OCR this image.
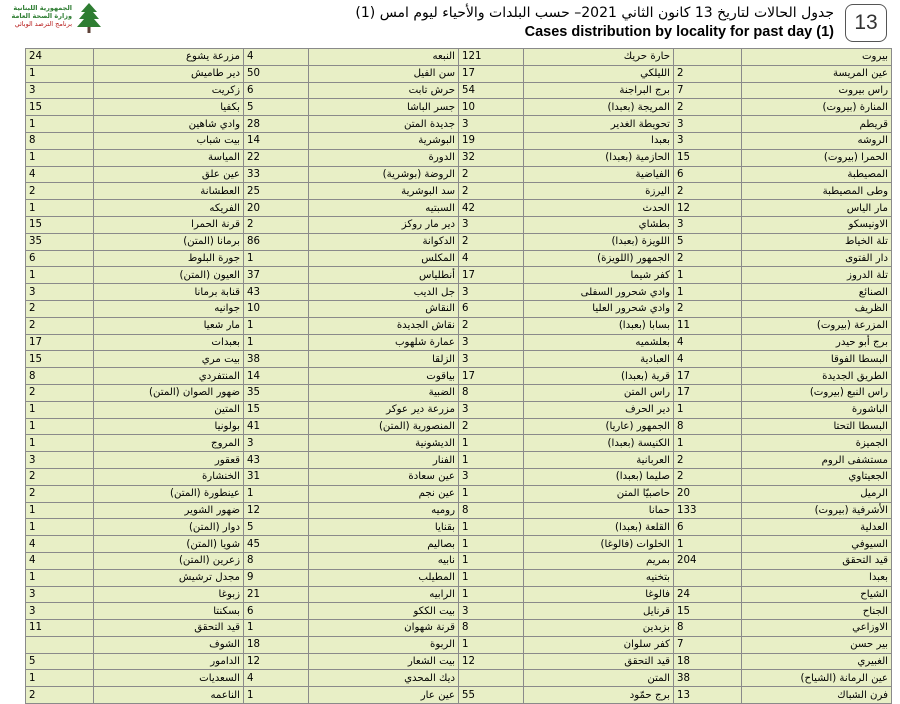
الجمهورية اللبنانية
وزارة الصحة العامة
برنامج الترصد الوبائي
جدول الحالات لتاريخ 13 كانون الثاني 2021– حسب البلدات والأحياء ليوم امس (1)
Cases distribution by locality for past day (1) 13
24	مزرعة يشوع	4	النبعه	121	حارة حريك		بيروت
1	دير طاميش	50	سن الفيل	17	الليلكي	2	عين المريسة
3	زكريت	6	حرش تابت	54	برج البراجنة	7	راس بيروت
15	بكفيا	5	جسر الباشا	10	المريجة (بعبدا)	2	المنارة (بيروت)
1	وادي شاهين	28	جديدة المتن	3	تحويطة الغدير	3	قريطم
8	بيت شباب	14	البوشرية	19	بعبدا	3	الروشه
1	المياسة	22	الدورة	32	الحازمية (بعبدا)	15	الحمرا (بيروت)
4	عين علق	33	الروضة (بوشرية)	2	الفياضية	6	المصيطبة
2	العطشانة	25	سد البوشرية	2	اليرزة	2	وطى المصيطبة
1	الفريكه	20	السبتيه	42	الحدث	12	مار الياس
15	قرنة الحمرا	2	دير مار روكز	3	بطشاي	3	الاونيسكو
35	برمانا (المتن)	86	الدكوانة	2	اللويزة (بعبدا)	5	تلة الخياط
6	جورة البلوط	1	المكلس	4	الجمهور (اللويزة)	2	دار الفتوى
1	العيون (المتن)	37	أنطلياس	17	كفر شيما	1	تلة الدروز
3	قنابة برمانا	43	جل الديب	3	وادي شحرور السفلى	1	الصنائع
2	جوانيه	10	النقاش	6	وادي شحرور العليا	2	الظريف
2	مار شعيا	1	نقاش الجديدة	2	بسابا (بعبدا)	11	المزرعة (بيروت)
17	بعبدات	1	عمارة شلهوب	3	بعلشميه	4	برج أبو حيدر
15	بيت مري	38	الزلقا	3	العبادية	4	البسطا الفوقا
8	المنتفردي	14	بياقوت	17	قرية (بعبدا)	17	الطريق الجديدة
2	ضهور الصوان (المتن)	35	الضبية	8	راس المتن	17	راس النبع (بيروت)
1	المتين	15	مزرعة دير عوكر	3	دير الحرف	1	الباشورة
1	بولونيا	41	المنصورية (المتن)	2	الجمهور (عاريا)	8	البسطا التحتا
1	المروج	3	الديشونية	1	الكنيسة (بعبدا)	1	الجميزة
3	قعقور	43	الفنار	1	العربانية	2	مستشفى الروم
2	الخنشارة	31	عين سعادة	3	صليما (بعبدا)	2	الجعيتاوي
2	عينطورة (المتن)	1	عين نجم	1	حاصبيّا المتن	20	الرميل
1	ضهور الشوير	12	روميه	8	حمانا	133	الأشرفية (بيروت)
1	دوار (المتن)	5	بقنايا	1	القلعة (بعبدا)	6	العدلية
4	شويا (المتن)	45	بصاليم	1	الخلوات (فالوغا)	1	السيوفي
4	زعرين (المتن)	8	نابيه	1	بمريم	204	قيد التحقق
1	مجدل ترشيش	9	المطيلب	1	بتخنيه		بعبدا
3	زبوغا	21	الرابيه	1	فالوغا	24	الشياح
3	بسكنتا	6	بيت الككو	3	قرنايل	15	الجناح
11	قيد التحقق	1	قرنة شهوان	8	بزبدين	8	الاوزاعي
	الشوف	18	الربوة	1	كفر سلوان	7	بير حسن
5	الدامور	12	بيت الشعار	12	قيد التحقق	18	الغبيري
1	السعديات	4	ديك المحدي		المتن	38	عين الرمانة (الشياح)
2	الناعمه	1	عين عار	55	برج حمّود	13	فرن الشباك
